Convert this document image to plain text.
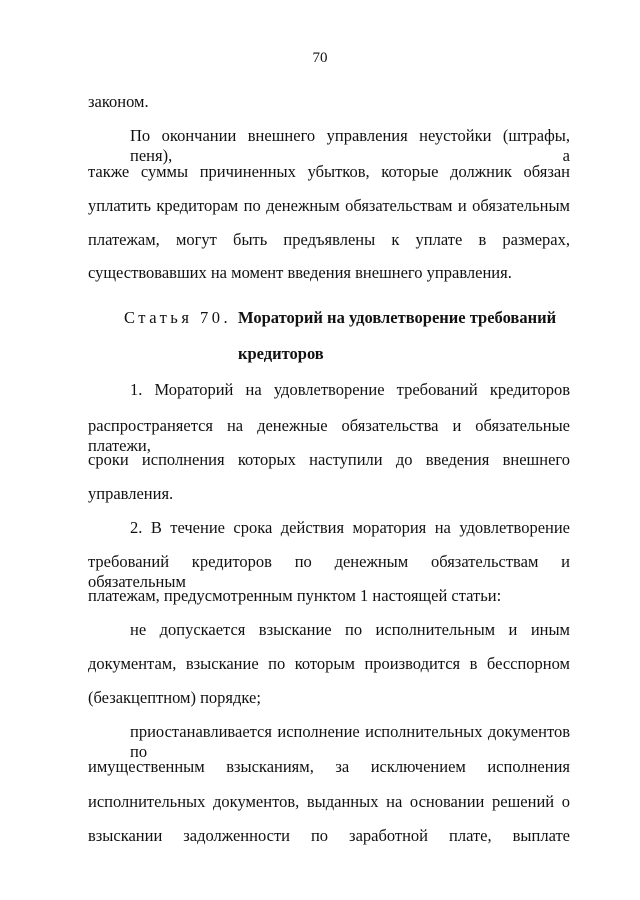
70
законом.
По окончании внешнего управления неустойки (штрафы, пеня), а
также суммы причиненных убытков, которые должник обязан
уплатить кредиторам по денежным обязательствам и обязательным
платежам, могут быть предъявлены к уплате в размерах,
существовавших на момент введения внешнего управления.
Статья 70. Мораторий на удовлетворение требований
кредиторов
1. Мораторий на удовлетворение требований кредиторов
распространяется на денежные обязательства и обязательные платежи,
сроки исполнения которых наступили до введения внешнего
управления.
2. В течение срока действия моратория на удовлетворение
требований кредиторов по денежным обязательствам и обязательным
платежам, предусмотренным пунктом 1 настоящей статьи:
не допускается взыскание по исполнительным и иным
документам, взыскание по которым производится в бесспорном
(безакцептном) порядке;
приостанавливается исполнение исполнительных документов по
имущественным взысканиям, за исключением исполнения
исполнительных документов, выданных на основании решений о
взыскании задолженности по заработной плате, выплате
